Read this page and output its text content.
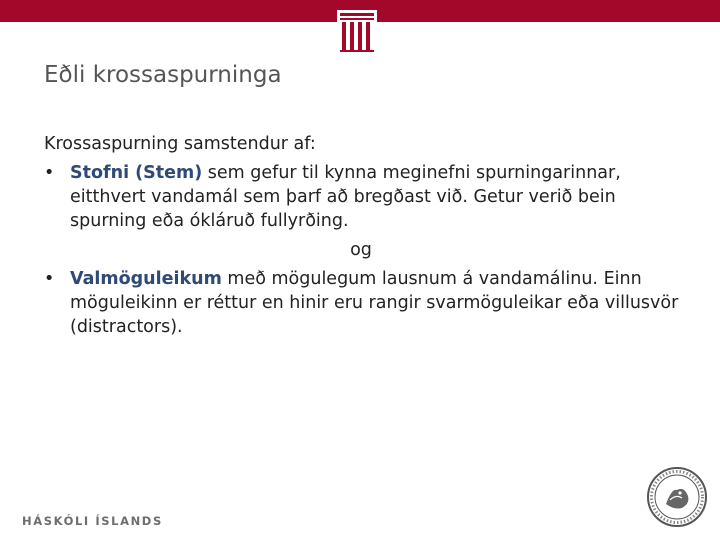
Eðli krossaspurninga

Krossaspurning samstendur af:

• Stofni (Stem) sem gefur til kynna meginefni spurningarinnar, eitthvert vandamál sem þarf að bregðast við. Getur verið bein spurning eða ókláruð fullyrðing.
og
• Valmöguleikum með mögulegum lausnum á vandamálinu. Einn möguleikinn er réttur en hinir eru rangir svarmöguleikar eða villusvör (distractors).
HÁSKÓLI ÍSLANDS
